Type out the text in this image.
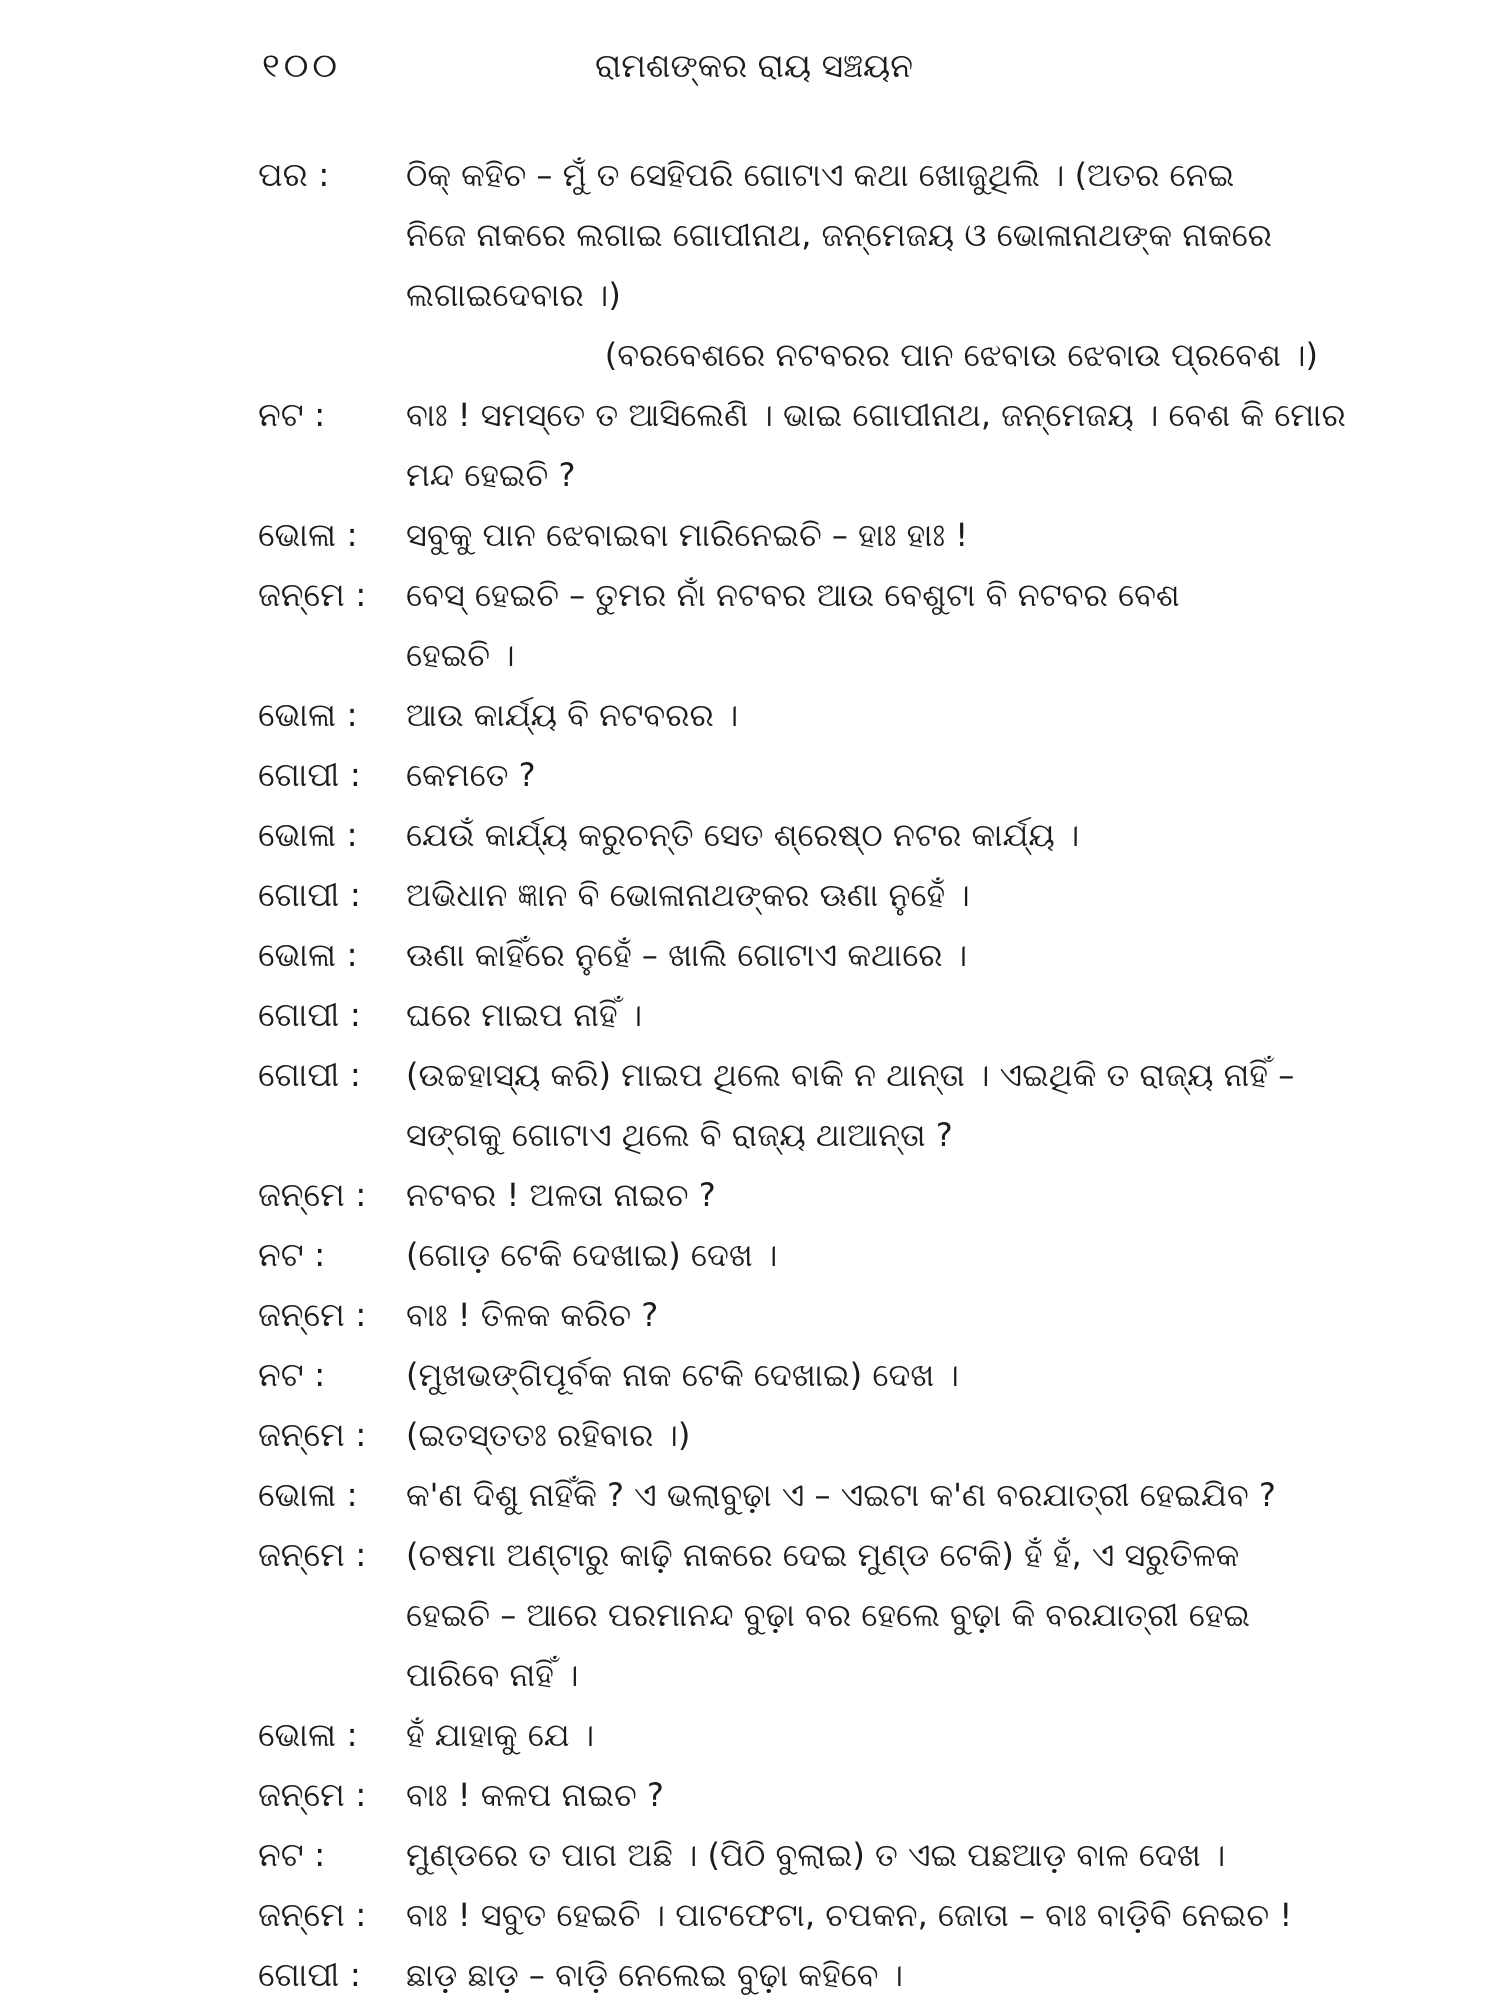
୧୦୦	ରାମଶଙ୍କର ରାୟ ସଞ୍ଚୟନ
ପର :	ଠିକ୍ କହିଚ – ମୁଁ ତ ସେହିପରି ଗୋଟାଏ କଥା ଖୋଜୁଥିଲି । (ଅତର ନେଇ
ନିଜେ ନାକରେ ଲଗାଇ ଗୋପୀନାଥ, ଜନ୍ମେଜୟ ଓ ଭୋଳାନାଥଙ୍କ ନାକରେ
ଲଗାଇଦେବାର ।)
(ବରବେଶରେ ନଟବରର ପାନ ଝେବାଉ ଝେବାଉ ପ୍ରବେଶ ।)
ନଟ :	ବାଃ ! ସମସ୍ତେ ତ ଆସିଲେଣି । ଭାଇ ଗୋପୀନାଥ, ଜନ୍ମେଜୟ । ବେଶ କି ମୋର
ମନ୍ଦ ହେଇଚି ?
ଭୋଳା :	ସବୁକୁ ପାନ ଝେବାଇବା ମାରିନେଇଚି – ହାଃ ହାଃ !
ଜନ୍ମେ :	ବେସ୍ ହେଇଚି – ତୁମର ନାଁ ନଟବର ଆଉ ବେଶୁଟା ବି ନଟବର ବେଶ
ହେଇଚି ।
ଭୋଳା :	ଆଉ କାର୍ଯ୍ୟ ବି ନଟବରର ।
ଗୋପୀ :	କେମତେ ?
ଭୋଳା :	ଯେଉଁ କାର୍ଯ୍ୟ କରୁଚନ୍ତି ସେତ ଶ୍ରେଷ୍ଠ ନଟର କାର୍ଯ୍ୟ ।
ଗୋପୀ :	ଅଭିଧାନ ଜ୍ଞାନ ବି ଭୋଳାନାଥଙ୍କର ଊଣା ନୁହେଁ ।
ଭୋଳା :	ଊଣା କାହିଁରେ ନୁହେଁ – ଖାଲି ଗୋଟାଏ କଥାରେ ।
ଗୋପୀ :	ଘରେ ମାଇପ ନାହିଁ ।
ଗୋପୀ :	(ଉଚ୍ଚହାସ୍ୟ କରି) ମାଇପ ଥିଲେ ବାକି ନ ଥାନ୍ତା । ଏଇଥିକି ତ ରାଜ୍ୟ ନାହିଁ –
ସଙ୍ଗକୁ ଗୋଟାଏ ଥିଲେ ବି ରାଜ୍ୟ ଥାଆନ୍ତା ?
ଜନ୍ମେ :	ନଟବର ! ଅଳତା ନାଇଚ ?
ନଟ :	(ଗୋଡ଼ ଟେକି ଦେଖାଇ) ଦେଖ ।
ଜନ୍ମେ :	ବାଃ ! ତିଳକ କରିଚ ?
ନଟ :	(ମୁଖଭଙ୍ଗିପୂର୍ବକ ନାକ ଟେକି ଦେଖାଇ) ଦେଖ ।
ଜନ୍ମେ :	(ଇତସ୍ତତଃ ରହିବାର ।)
ଭୋଳା :	କ'ଣ ଦିଶୁ ନାହିଁକି ? ଏ ଭଲାବୁଢ଼ା ଏ – ଏଇଟା କ'ଣ ବରଯାତ୍ରୀ ହେଇଯିବ ?
ଜନ୍ମେ :	(ଚଷମା ଅଣ୍ଟାରୁ କାଢ଼ି ନାକରେ ଦେଇ ମୁଣ୍ଡ ଟେକି) ହଁ ହଁ, ଏ ସରୁତିଳକ
ହେଇଚି – ଆରେ ପରମାନନ୍ଦ ବୁଢ଼ା ବର ହେଲେ ବୁଢ଼ା କି ବରଯାତ୍ରୀ ହେଇ
ପାରିବେ ନାହିଁ ।
ଭୋଳା :	ହଁ ଯାହାକୁ ଯେ ।
ଜନ୍ମେ :	ବାଃ ! କଳପ ନାଇଚ ?
ନଟ :	ମୁଣ୍ଡରେ ତ ପାଗ ଅଛି । (ପିଠି ବୁଲାଇ) ତ ଏଇ ପଛଆଡ଼ ବାଳ ଦେଖ ।
ଜନ୍ମେ :	ବାଃ ! ସବୁତ ହେଇଚି । ପାଟଫେଟା, ଚପକନ, ଜୋତା – ବାଃ ବାଡ଼ିବି ନେଇଚ !
ଗୋପୀ :	ଛାଡ଼ ଛାଡ଼ – ବାଡ଼ି ନେଲେଇ ବୁଢ଼ା କହିବେ ।
